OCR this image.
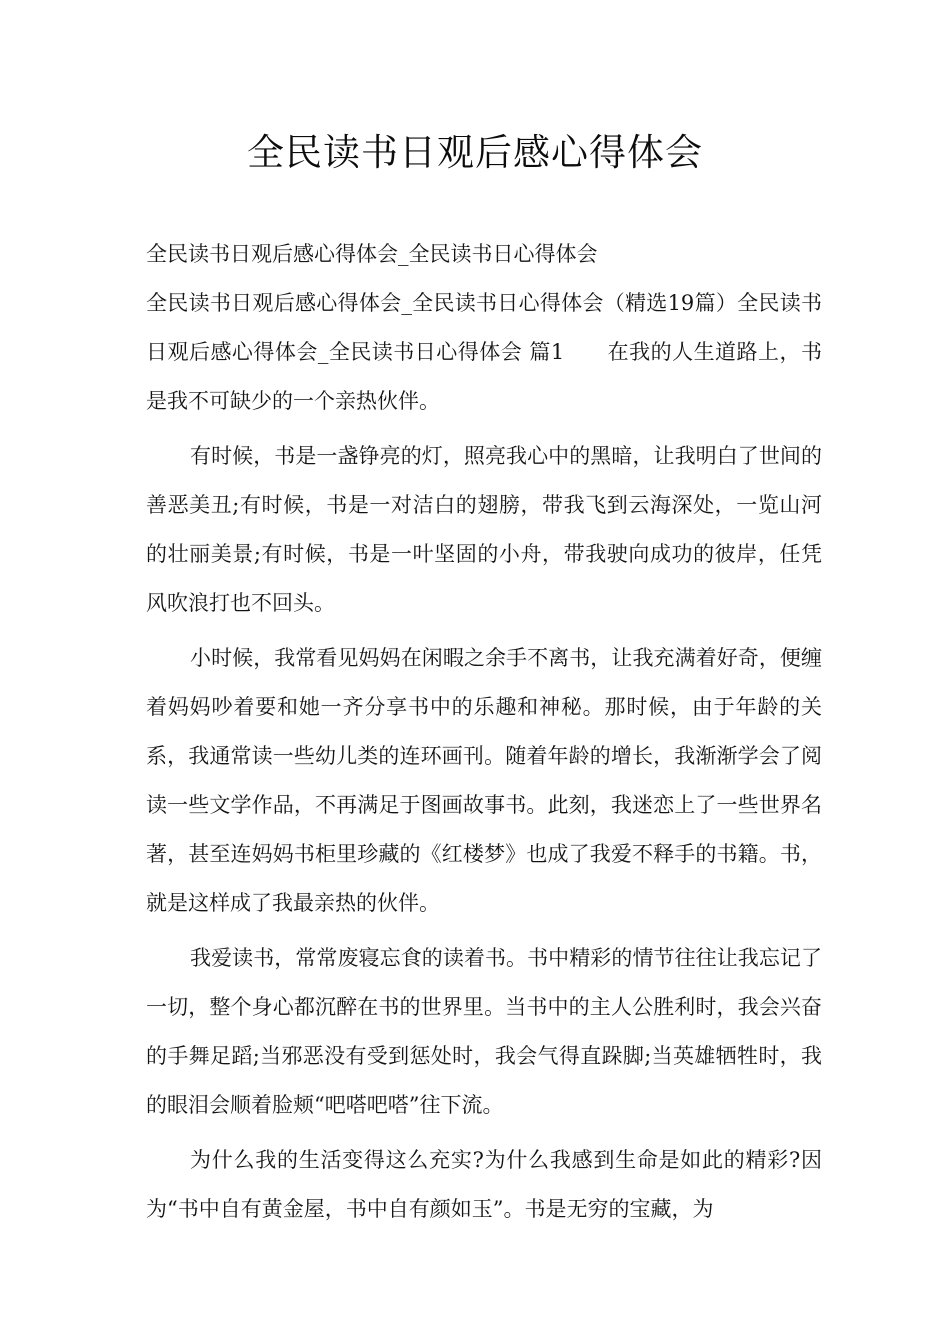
全民读书日观后感心得体会

全民读书日观后感心得体会_全民读书日心得体会

全民读书日观后感心得体会_全民读书日心得体会（精选19篇）全民读书日观后感心得体会_全民读书日心得体会 篇1　　在我的人生道路上，书是我不可缺少的一个亲热伙伴。

有时候，书是一盏铮亮的灯，照亮我心中的黑暗，让我明白了世间的善恶美丑;有时候，书是一对洁白的翅膀，带我飞到云海深处，一览山河的壮丽美景;有时候，书是一叶坚固的小舟，带我驶向成功的彼岸，任凭风吹浪打也不回头。

小时候，我常看见妈妈在闲暇之余手不离书，让我充满着好奇，便缠着妈妈吵着要和她一齐分享书中的乐趣和神秘。那时候，由于年龄的关系，我通常读一些幼儿类的连环画刊。随着年龄的增长，我渐渐学会了阅读一些文学作品，不再满足于图画故事书。此刻，我迷恋上了一些世界名著，甚至连妈妈书柜里珍藏的《红楼梦》也成了我爱不释手的书籍。书，就是这样成了我最亲热的伙伴。

我爱读书，常常废寝忘食的读着书。书中精彩的情节往往让我忘记了一切，整个身心都沉醉在书的世界里。当书中的主人公胜利时，我会兴奋的手舞足蹈;当邪恶没有受到惩处时，我会气得直跺脚;当英雄牺牲时，我的眼泪会顺着脸颊“吧嗒吧嗒”往下流。

为什么我的生活变得这么充实?为什么我感到生命是如此的精彩?因为“书中自有黄金屋，书中自有颜如玉”。书是无穷的宝藏，为
